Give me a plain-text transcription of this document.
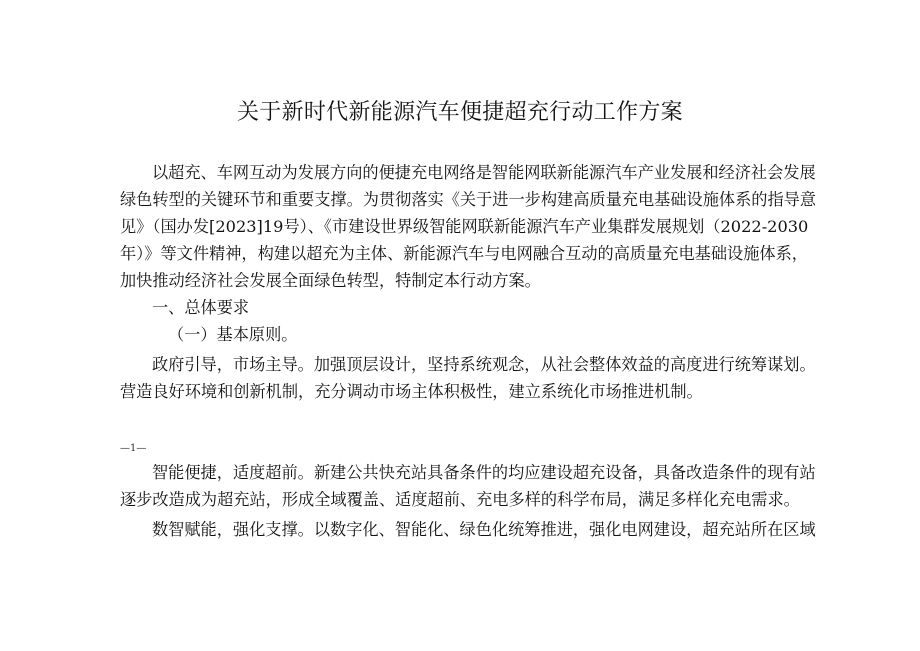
关于新时代新能源汽车便捷超充行动工作方案

以超充、车网互动为发展方向的便捷充电网络是智能网联新能源汽车产业发展和经济社会发展

绿色转型的关键环节和重要支撑。为贯彻落实《关于进一步构建高质量充电基础设施体系的指导意

见》（国办发[2023]19号）、《市建设世界级智能网联新能源汽车产业集群发展规划（2022-2030

年）》等文件精神，构建以超充为主体、新能源汽车与电网融合互动的高质量充电基础设施体系，

加快推动经济社会发展全面绿色转型，特制定本行动方案。

一、总体要求

（一）基本原则。

政府引导，市场主导。加强顶层设计，坚持系统观念，从社会整体效益的高度进行统筹谋划。

营造良好环境和创新机制，充分调动市场主体积极性，建立系统化市场推进机制。

—1—

智能便捷，适度超前。新建公共快充站具备条件的均应建设超充设备，具备改造条件的现有站

逐步改造成为超充站，形成全域覆盖、适度超前、充电多样的科学布局，满足多样化充电需求。

数智赋能，强化支撑。以数字化、智能化、绿色化统筹推进，强化电网建设，超充站所在区域
